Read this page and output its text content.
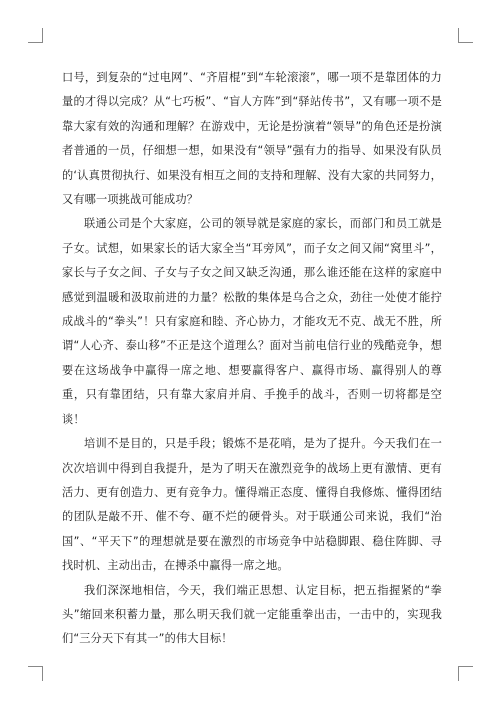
口号，到复杂的“过电网”、“齐眉棍”到“车轮滚滚”，哪一项不是靠团体的力量的才得以完成？从“七巧板”、“盲人方阵”到“驿站传书”，又有哪一项不是靠大家有效的沟通和理解？在游戏中，无论是扮演着“领导”的角色还是扮演者普通的一员，仔细想一想，如果没有“领导”强有力的指导、如果没有队员的‘认真贯彻执行、如果没有相互之间的支持和理解、没有大家的共同努力，又有哪一项挑战可能成功？

联通公司是个大家庭，公司的领导就是家庭的家长，而部门和员工就是子女。试想，如果家长的话大家全当“耳旁风”，而子女之间又闹“窝里斗”，家长与子女之间、子女与子女之间又缺乏沟通，那么谁还能在这样的家庭中感觉到温暖和汲取前进的力量？松散的集体是乌合之众，劲往一处使才能拧成战斗的“拳头”！只有家庭和睦、齐心协力，才能攻无不克、战无不胜，所谓“人心齐、泰山移”不正是这个道理么？面对当前电信行业的残酷竞争，想要在这场战争中赢得一席之地、想要赢得客户、赢得市场、赢得别人的尊重，只有靠团结，只有靠大家肩并肩、手挽手的战斗，否则一切将都是空谈！

培训不是目的，只是手段；锻炼不是花哨，是为了提升。今天我们在一次次培训中得到自我提升，是为了明天在激烈竞争的战场上更有激情、更有活力、更有创造力、更有竞争力。懂得端正态度、懂得自我修炼、懂得团结的团队是敲不开、催不夸、砸不烂的硬骨头。对于联通公司来说，我们“治国”、“平天下”的理想就是要在激烈的市场竞争中站稳脚跟、稳住阵脚、寻找时机、主动出击，在搏杀中赢得一席之地。

我们深深地相信，今天，我们端正思想、认定目标，把五指握紧的“拳头”缩回来积蓄力量，那么明天我们就一定能重拳出击，一击中的，实现我们“三分天下有其一”的伟大目标！
